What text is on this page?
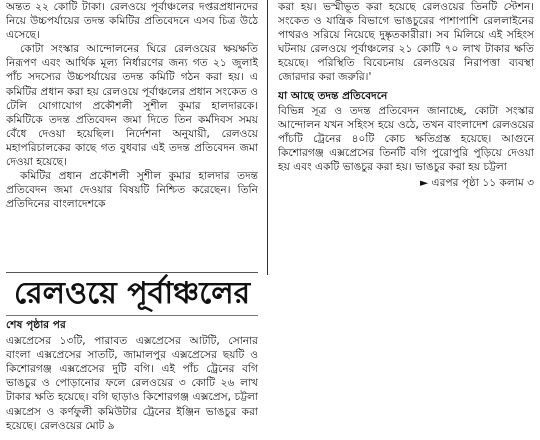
অন্তত ২২ কোটি টাকা। রেলওয়ে পূর্বাঞ্চলের দপ্তরপ্রধানদের নিয়ে উচ্চপর্যায়ের তদন্ত কমিটির প্রতিবেদনে এসব চিত্র উঠে এসেছে।

কোটা সংস্কার আন্দোলনের ঘিরে রেলওয়ের ক্ষয়ক্ষতি নিরূপণ এবং আর্থিক মূল্য নির্ধারণের জন্য গত ২১ জুলাই পাঁচ সদস্যের উচ্চপর্যায়ের তদন্ত কমিটি গঠন করা হয়। এ কমিটির প্রধান করা হয় রেলওয়ে পূর্বাঞ্চলের প্রধান সংকেত ও টেলি যোগাযোগ প্রকৌশলী সুশীল কুমার হালদারকে। কমিটিকে তদন্ত প্রতিবেদন জমা দিতে তিন কর্মদিবস সময় বেঁধে দেওয়া হয়েছিল। নির্দেশনা অনুযায়ী, রেলওয়ে মহাপরিচালকের কাছে গত বুধবার এই তদন্ত প্রতিবেদন জমা দেওয়া হয়েছে।

কমিটির প্রধান প্রকৌশলী সুশীল কুমার হালদার তদন্ত প্রতিবেদন জমা দেওয়ার বিষয়টি নিশ্চিত করেছেন। তিনি প্রতিদিনের বাংলাদেশকে

করা হয়। ভস্মীভূত করা হয়েছে রেলওয়ের তিনটি স্টেশন। সংকেত ও যান্ত্রিক বিভাগে ভাঙচুরের পাশাপাশি রেললাইনের পাথরও সরিয়ে নিয়েছে দুষ্কৃতকারীরা। সব মিলিয়ে এই সহিংস ঘটনায় রেলওয়ে পূর্বাঞ্চলের ২১ কোটি ৭০ লাখ টাকার ক্ষতি হয়েছে। পরিস্থিতি বিবেচনায় রেলওয়ের নিরাপত্তা ব্যবস্থা জোরদার করা জরুরি।'

যা আছে তদন্ত প্রতিবেদনে

বিভিন্ন সূত্র ও তদন্ত প্রতিবেদন জানাচ্ছে, কোটা সংস্কার আন্দোলন যখন সহিংস হয়ে ওঠে, তখন বাংলাদেশ রেলওয়ের পাঁচটি ট্রেনের ৪০টি কোচ ক্ষতিগ্রস্ত হয়েছে। আগুনে কিশোরগঞ্জ এক্সপ্রেসের তিনটি বগি পুরোপুরি পুড়িয়ে দেওয়া হয় এবং একটি ভাঙচুর করা হয়। ভাঙচুর করা হয় চট্টলা

► এরপর পৃষ্ঠা ১১ কলাম ৩

রেলওয়ে পূর্বাঞ্চলের

শেষ পৃষ্ঠার পর

এক্সপ্রেসের ১৩টি, পারাবত এক্সপ্রেসের আটটি, সোনার বাংলা এক্সপ্রেসের সাতটি, জামালপুর এক্সপ্রেসের ছয়টি ও কিশোরগঞ্জ এক্সপ্রেসের দুটি বগি। এই পাঁচ ট্রেনের বগি ভাঙচুর ও পোড়ানোর ফলে রেলওয়ের ৩ কোটি ২৬ লাখ টাকার ক্ষতি হয়েছে। বগি ছাড়াও কিশোরগঞ্জ এক্সপ্রেস, চট্টলা এক্সপ্রেস ও কর্ণফুলী কমিউটার ট্রেনের ইঞ্জিন ভাঙচুর করা হয়েছে। রেলওয়ের মোট ৯
